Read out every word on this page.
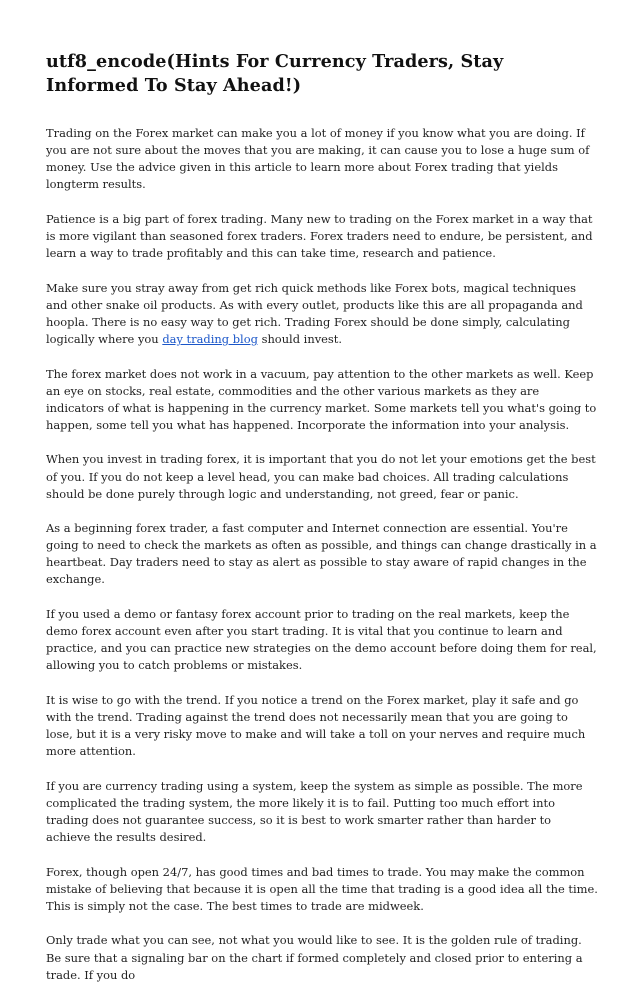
utf8_encode(Hints For Currency Traders, Stay Informed To Stay Ahead!)

Trading on the Forex market can make you a lot of money if you know what you are doing. If you are not sure about the moves that you are making, it can cause you to lose a huge sum of money. Use the advice given in this article to learn more about Forex trading that yields longterm results.

Patience is a big part of forex trading. Many new to trading on the Forex market in a way that is more vigilant than seasoned forex traders. Forex traders need to endure, be persistent, and learn a way to trade profitably and this can take time, research and patience.

Make sure you stray away from get rich quick methods like Forex bots, magical techniques and other snake oil products. As with every outlet, products like this are all propaganda and hoopla. There is no easy way to get rich. Trading Forex should be done simply, calculating logically where you day trading blog should invest.

The forex market does not work in a vacuum, pay attention to the other markets as well. Keep an eye on stocks, real estate, commodities and the other various markets as they are indicators of what is happening in the currency market. Some markets tell you what's going to happen, some tell you what has happened. Incorporate the information into your analysis.

When you invest in trading forex, it is important that you do not let your emotions get the best of you. If you do not keep a level head, you can make bad choices. All trading calculations should be done purely through logic and understanding, not greed, fear or panic.

As a beginning forex trader, a fast computer and Internet connection are essential. You're going to need to check the markets as often as possible, and things can change drastically in a heartbeat. Day traders need to stay as alert as possible to stay aware of rapid changes in the exchange.

If you used a demo or fantasy forex account prior to trading on the real markets, keep the demo forex account even after you start trading. It is vital that you continue to learn and practice, and you can practice new strategies on the demo account before doing them for real, allowing you to catch problems or mistakes.

It is wise to go with the trend. If you notice a trend on the Forex market, play it safe and go with the trend. Trading against the trend does not necessarily mean that you are going to lose, but it is a very risky move to make and will take a toll on your nerves and require much more attention.

If you are currency trading using a system, keep the system as simple as possible. The more complicated the trading system, the more likely it is to fail. Putting too much effort into trading does not guarantee success, so it is best to work smarter rather than harder to achieve the results desired.

Forex, though open 24/7, has good times and bad times to trade. You may make the common mistake of believing that because it is open all the time that trading is a good idea all the time. This is simply not the case. The best times to trade are midweek.

Only trade what you can see, not what you would like to see. It is the golden rule of trading. Be sure that a signaling bar on the chart if formed completely and closed prior to entering a trade. If you do
